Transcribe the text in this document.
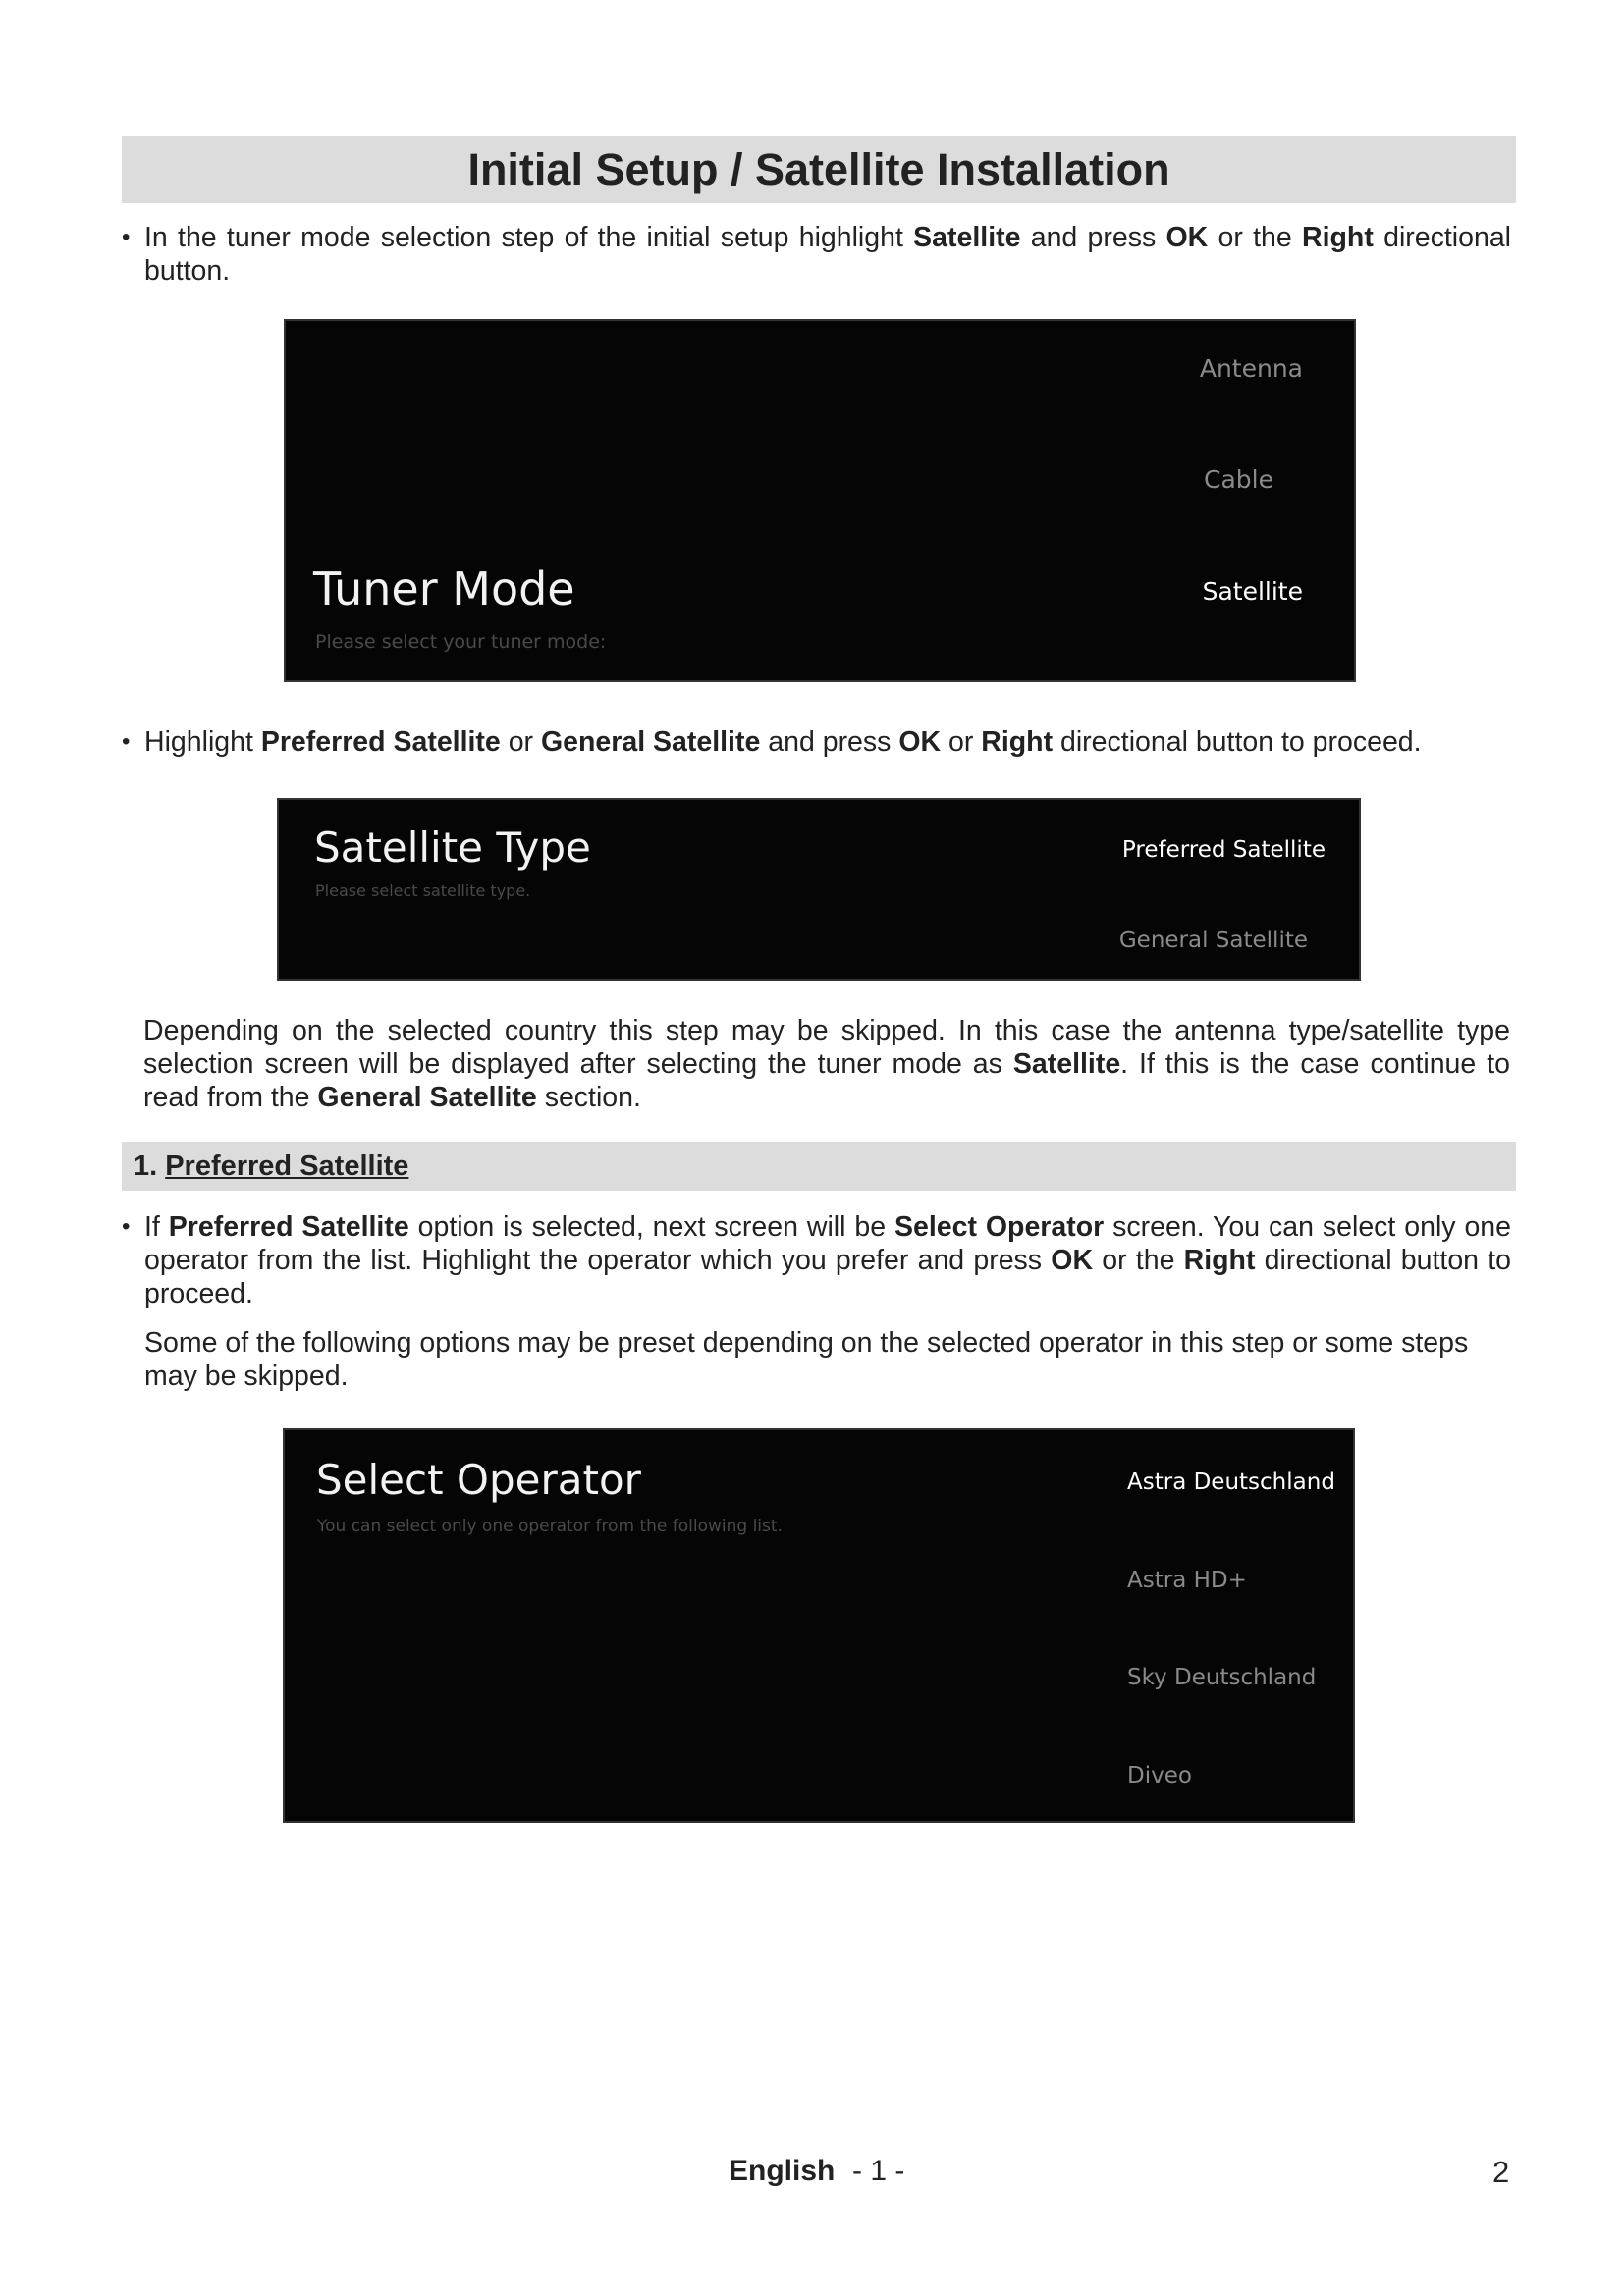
Initial Setup / Satellite Installation
• In the tuner mode selection step of the initial setup highlight Satellite and press OK or the Right directional button.

Antenna
Cable
Satellite
Tuner Mode
Please select your tuner mode:
• Highlight Preferred Satellite or General Satellite and press OK or Right directional button to proceed.

Satellite Type
Please select satellite type.
Preferred Satellite
General Satellite

Depending on the selected country this step may be skipped. In this case the antenna type/satellite type selection screen will be displayed after selecting the tuner mode as Satellite. If this is the case continue to read from the General Satellite section.

1. Preferred Satellite
• If Preferred Satellite option is selected, next screen will be Select Operator screen. You can select only one operator from the list. Highlight the operator which you prefer and press OK or the Right directional button to proceed.

Some of the following options may be preset depending on the selected operator in this step or some steps may be skipped.

Select Operator
You can select only one operator from the following list.
Astra Deutschland
Astra HD+
Sky Deutschland
Diveo
English - 1 -	2
